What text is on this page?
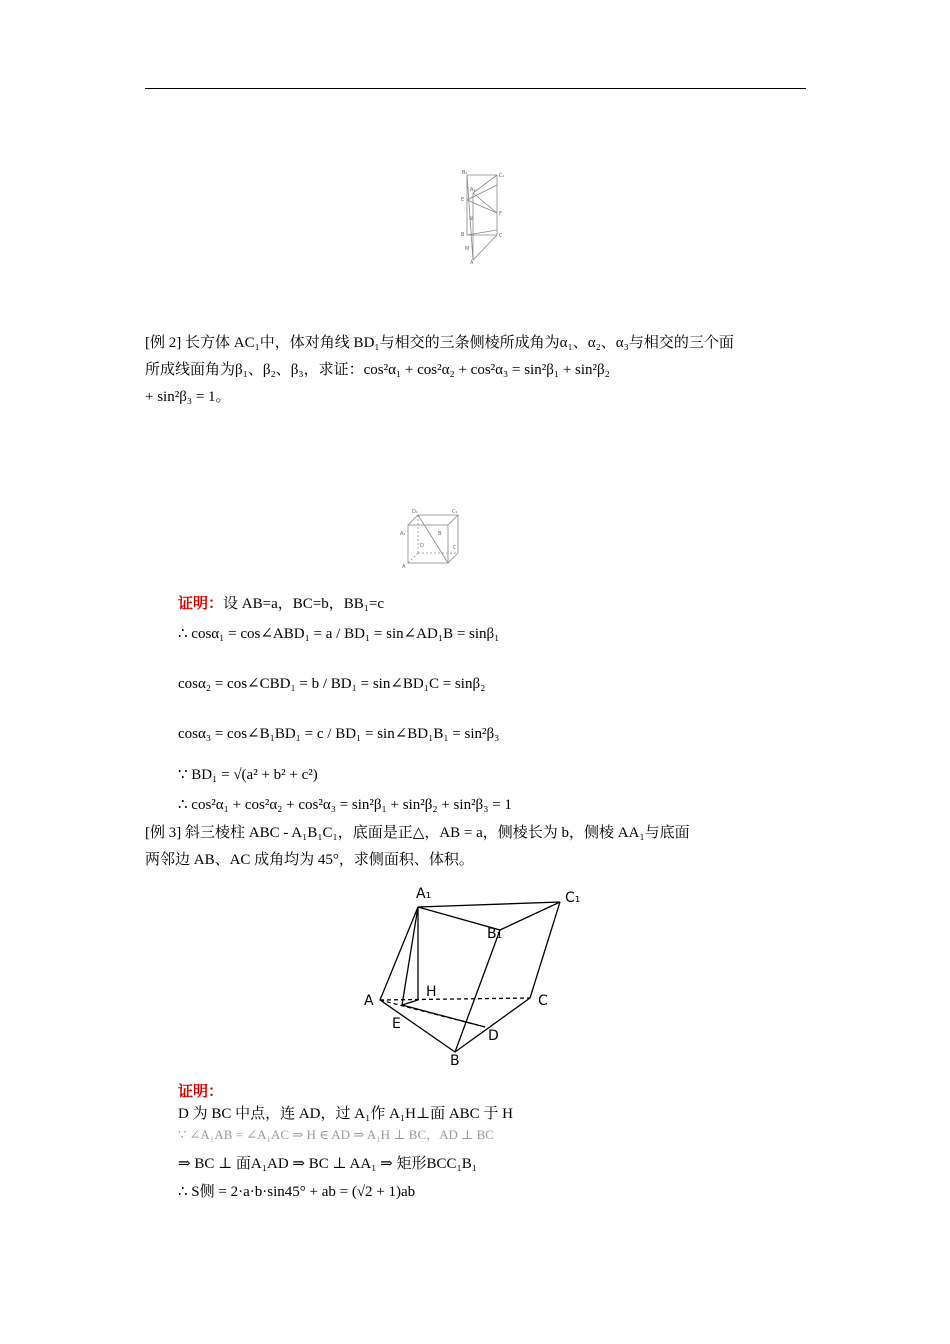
B₁	C₁
A₁
E
F
N
B	C
M
A
[例 2] 长方体 AC₁中，体对角线 BD₁与相交的三条侧棱所成角为α₁、α₂、α₃与相交的三个面
所成线面角为β₁、β₂、β₃，求证：cos²α₁ + cos²α₂ + cos²α₃ = sin²β₁ + sin²β₂
+ sin²β₃ = 1。
D₁	C₁
A₁
D
B
C
A
证明：设 AB=a，BC=b，BB₁=c
∴ cosα₁ = cos∠ABD₁ = a / BD₁ = sin∠AD₁B = sinβ₁
cosα₂ = cos∠CBD₁ = b / BD₁ = sin∠BD₁C = sinβ₂
cosα₃ = cos∠B₁BD₁ = c / BD₁ = sin∠BD₁B₁ = sin²β₃
∵ BD₁ = √(a² + b² + c²)
∴ cos²α₁ + cos²α₂ + cos²α₃ = sin²β₁ + sin²β₂ + sin²β₃ = 1
[例 3] 斜三棱柱 ABC - A₁B₁C₁，底面是正△，AB = a，侧棱长为 b，侧棱 AA₁与底面
两邻边 AB、AC 成角均为 45°，求侧面积、体积。
A₁	C₁
B₁
A
H
C
E
D
B
证明：
D 为 BC 中点，连 AD，过 A₁作 A₁H⊥面 ABC 于 H
∵ ∠A₁AB = ∠A₁AC ⇒ H ∈ AD ⇒ A₁H ⊥ BC，AD ⊥ BC
⇒ BC ⊥ 面A₁AD ⇒ BC ⊥ AA₁ ⇒ 矩形BCC₁B₁
∴ S侧 = 2·a·b·sin45° + ab = (√2 + 1)ab
